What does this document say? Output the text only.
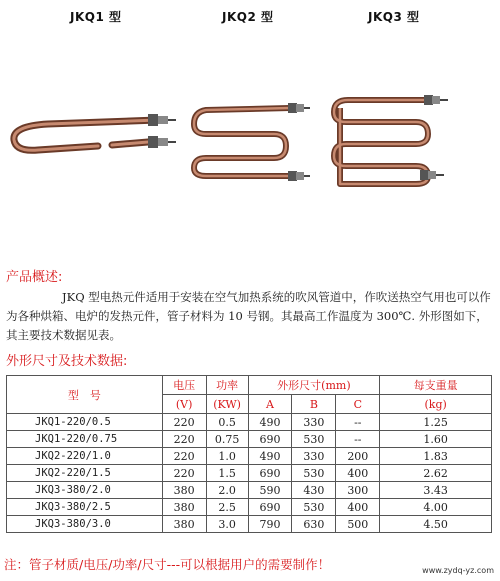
JKQ1 型	JKQ2 型	JKQ3 型
产品概述:
JKQ 型电热元件适用于安装在空气加热系统的吹风管道中，作吹送热空气用也可以作为各种烘箱、电炉的发热元件，管子材料为 10 号钢。其最高工作温度为 300℃. 外形图如下，其主要技术数据见表。
外形尺寸及技术数据:
型　号	电压	功率	外形尺寸(mm)			每支重量
	(V)	(KW)	A	B	C	(kg)
JKQ1-220/0.5	220	0.5	490	330	--	1.25
JKQ1-220/0.75	220	0.75	690	530	--	1.60
JKQ2-220/1.0	220	1.0	490	330	200	1.83
JKQ2-220/1.5	220	1.5	690	530	400	2.62
JKQ3-380/2.0	380	2.0	590	430	300	3.43
JKQ3-380/2.5	380	2.5	690	530	400	4.00
JKQ3-380/3.0	380	3.0	790	630	500	4.50
注：管子材质/电压/功率/尺寸---可以根据用户的需要制作！	www.zydq-yz.com
